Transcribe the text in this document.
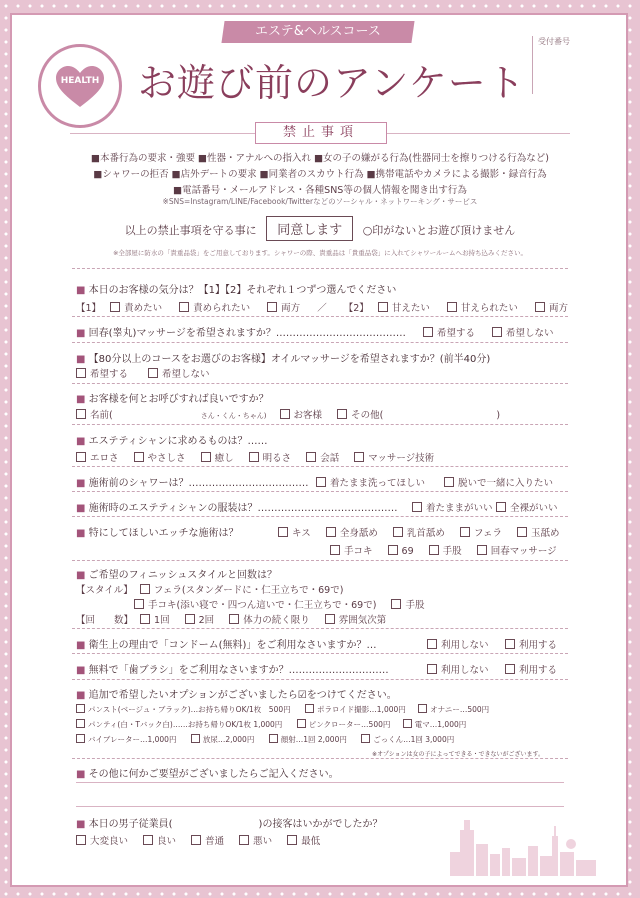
エステ&ヘルスコース
HEALTH	お遊び前のアンケート
受付番号
禁止事項
■本番行為の要求・強要 ■性器・アナルへの指入れ ■女の子の嫌がる行為(性器同士を擦りつける行為など)
■シャワーの拒否 ■店外デートの要求 ■同業者のスカウト行為 ■携帯電話やカメラによる撮影・録音行為
■電話番号・メールアドレス・各種SNS等の個人情報を聞き出す行為
※SNS=Instagram/LINE/Facebook/Twitterなどのソーシャル・ネットワーキング・サービス
以上の禁止事項を守る事に 同意します ○印がないとお遊び頂けません
※全部屋に防水の「貴重品袋」をご用意しております。シャワーの際、貴重品は「貴重品袋」に入れてシャワールームへお持ち込みください。
■ 本日のお客様の気分は？【1】【2】それぞれ１つずつ選んでください
【1】 責めたい	責められたい	両方 ／ 【2】 甘えたい	甘えられたい	両方
■ 回春(睾丸)マッサージを希望されますか？…………………………………	希望する	希望しない
■ 【80分以上のコースをお選びのお客様】オイルマッサージを希望されますか？(前半40分)
希望する	希望しない
■ お客様を何とお呼びすれば良いですか？
名前(	さん・くん・ちゃん)	お客様	その他(	)
■ エステティシャンに求めるものは？……
エロさ	やさしさ	癒し	明るさ	会話	マッサージ技術
■ 施術前のシャワーは？………………………………	着たまま洗ってほしい	脱いで一緒に入りたい
■ 施術時のエステティシャンの服装は？……………………………………	着たままがいい	全裸がいい
■ 特にしてほしいエッチな施術は？	キス	全身舐め	乳首舐め	フェラ	玉舐め
手コキ	69	手股	回春マッサージ
■ ご希望のフィニッシュスタイルと回数は？
【スタイル】 フェラ(スタンダードに・仁王立ちで・69で)
手コキ(添い寝で・四つん這いで・仁王立ちで・69で)	手股
【回　　数】 1回	2回	体力の続く限り	雰囲気次第
■ 衛生上の理由で「コンドーム(無料)」をご利用なさいますか？…	利用しない	利用する
■ 無料で「歯ブラシ」をご利用なさいますか？…………………………	利用しない	利用する
■ 追加で希望したいオプションがございましたら☑をつけてください。
パンスト(ベージュ・ブラック)…お持ち帰りOK/1枚　500円	ポラロイド撮影…1,000円	オナニー…500円
パンティ(白・Tバック白)……お持ち帰りOK/1枚 1,000円	ピンクローター…500円	電マ…1,000円
バイブレーター…1,000円	放尿…2,000円	顔射…1回 2,000円	ごっくん…1回 3,000円
※オプションは女の子によってできる・できないがございます。
■ その他に何かご要望がございましたらご記入ください。
■ 本日の男子従業員(	)の接客はいかがでしたか？
大変良い	良い	普通	悪い	最低
